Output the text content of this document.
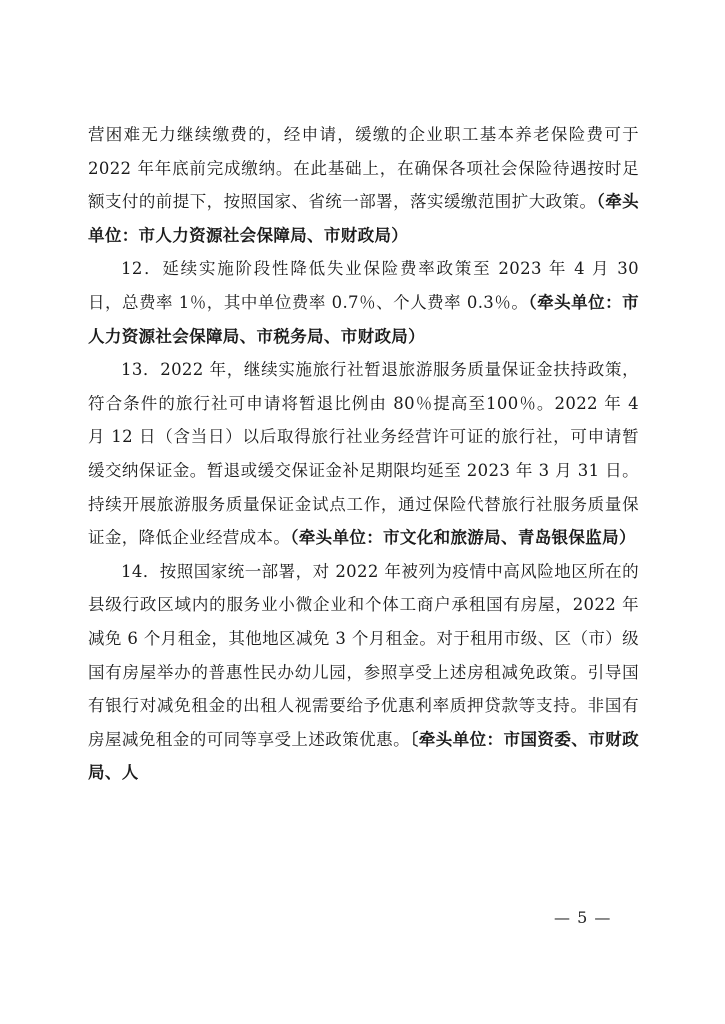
营困难无力继续缴费的，经申请，缓缴的企业职工基本养老保险费可于 2022 年年底前完成缴纳。在此基础上，在确保各项社会保险待遇按时足额支付的前提下，按照国家、省统一部署，落实缓缴范围扩大政策。（牵头单位：市人力资源社会保障局、市财政局）

12．延续实施阶段性降低失业保险费率政策至 2023 年 4 月 30 日，总费率 1％，其中单位费率 0.7％、个人费率 0.3％。（牵头单位：市人力资源社会保障局、市税务局、市财政局）

13．2022 年，继续实施旅行社暂退旅游服务质量保证金扶持政策，符合条件的旅行社可申请将暂退比例由 80％提高至100％。2022 年 4 月 12 日（含当日）以后取得旅行社业务经营许可证的旅行社，可申请暂缓交纳保证金。暂退或缓交保证金补足期限均延至 2023 年 3 月 31 日。持续开展旅游服务质量保证金试点工作，通过保险代替旅行社服务质量保证金，降低企业经营成本。（牵头单位：市文化和旅游局、青岛银保监局）

14．按照国家统一部署，对 2022 年被列为疫情中高风险地区所在的县级行政区域内的服务业小微企业和个体工商户承租国有房屋，2022 年减免 6 个月租金，其他地区减免 3 个月租金。对于租用市级、区（市）级国有房屋举办的普惠性民办幼儿园，参照享受上述房租减免政策。引导国有银行对减免租金的出租人视需要给予优惠利率质押贷款等支持。非国有房屋减免租金的可同等享受上述政策优惠。〔牵头单位：市国资委、市财政局、人

— 5 —
